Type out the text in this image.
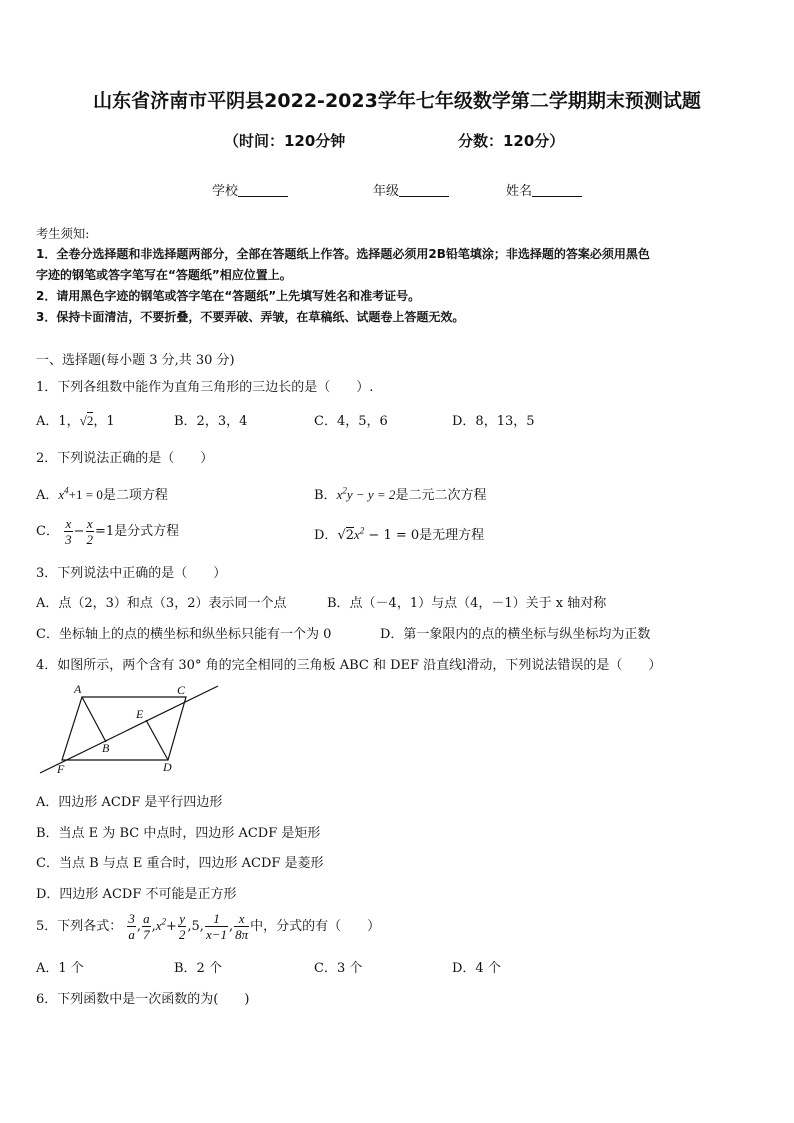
山东省济南市平阴县2022-2023学年七年级数学第二学期期末预测试题
（时间：120分钟	分数：120分）
学校	年级	姓名
考生须知:
1．全卷分选择题和非选择题两部分，全部在答题纸上作答。选择题必须用2B铅笔填涂；非选择题的答案必须用黑色
字迹的钢笔或答字笔写在“答题纸”相应位置上。
2．请用黑色字迹的钢笔或答字笔在“答题纸”上先填写姓名和准考证号。
3．保持卡面清洁，不要折叠，不要弄破、弄皱，在草稿纸、试题卷上答题无效。
一、选择题(每小题 3 分,共 30 分)
1．下列各组数中能作为直角三角形的三边长的是（　　）.
A．1，√2，1	B．2，3，4	C．4，5，6	D．8，13，5
2．下列说法正确的是（　　）
A．$x^4+1 = 0$是二项方程	B．$x^2y - y = 2$是二元二次方程
C． $\frac{x}{3} - \frac{x}{2} =1$是分式方程	D．$√2x^2 - 1 = 0$是无理方程
3．下列说法中正确的是（　　）
A．点（2，3）和点（3，2）表示同一个点	B．点（－4，1）与点（4，－1）关于 x 轴对称
C．坐标轴上的点的横坐标和纵坐标只能有一个为 0	D．第一象限内的点的横坐标与纵坐标均为正数
4．如图所示，两个含有 30° 角的完全相同的三角板 ABC 和 DEF 沿直线l滑动，下列说法错误的是（　　）
A	C
E
B
F	D
A．四边形 ACDF 是平行四边形
B．当点 E 为 BC 中点时，四边形 ACDF 是矩形
C．当点 B 与点 E 重合时，四边形 ACDF 是菱形
D．四边形 ACDF 不可能是正方形
5．下列各式： $\frac{3}{a}$ , $\frac{a}{7} ,x^2+ \frac{y}{2} ,5$, $\frac{1}{x-1}$ , $\frac{x}{8\pi}$ 中，分式的有（　　）
A．1 个	B．2 个	C．3 个	D．4 个
6．下列函数中是一次函数的为(　　)
